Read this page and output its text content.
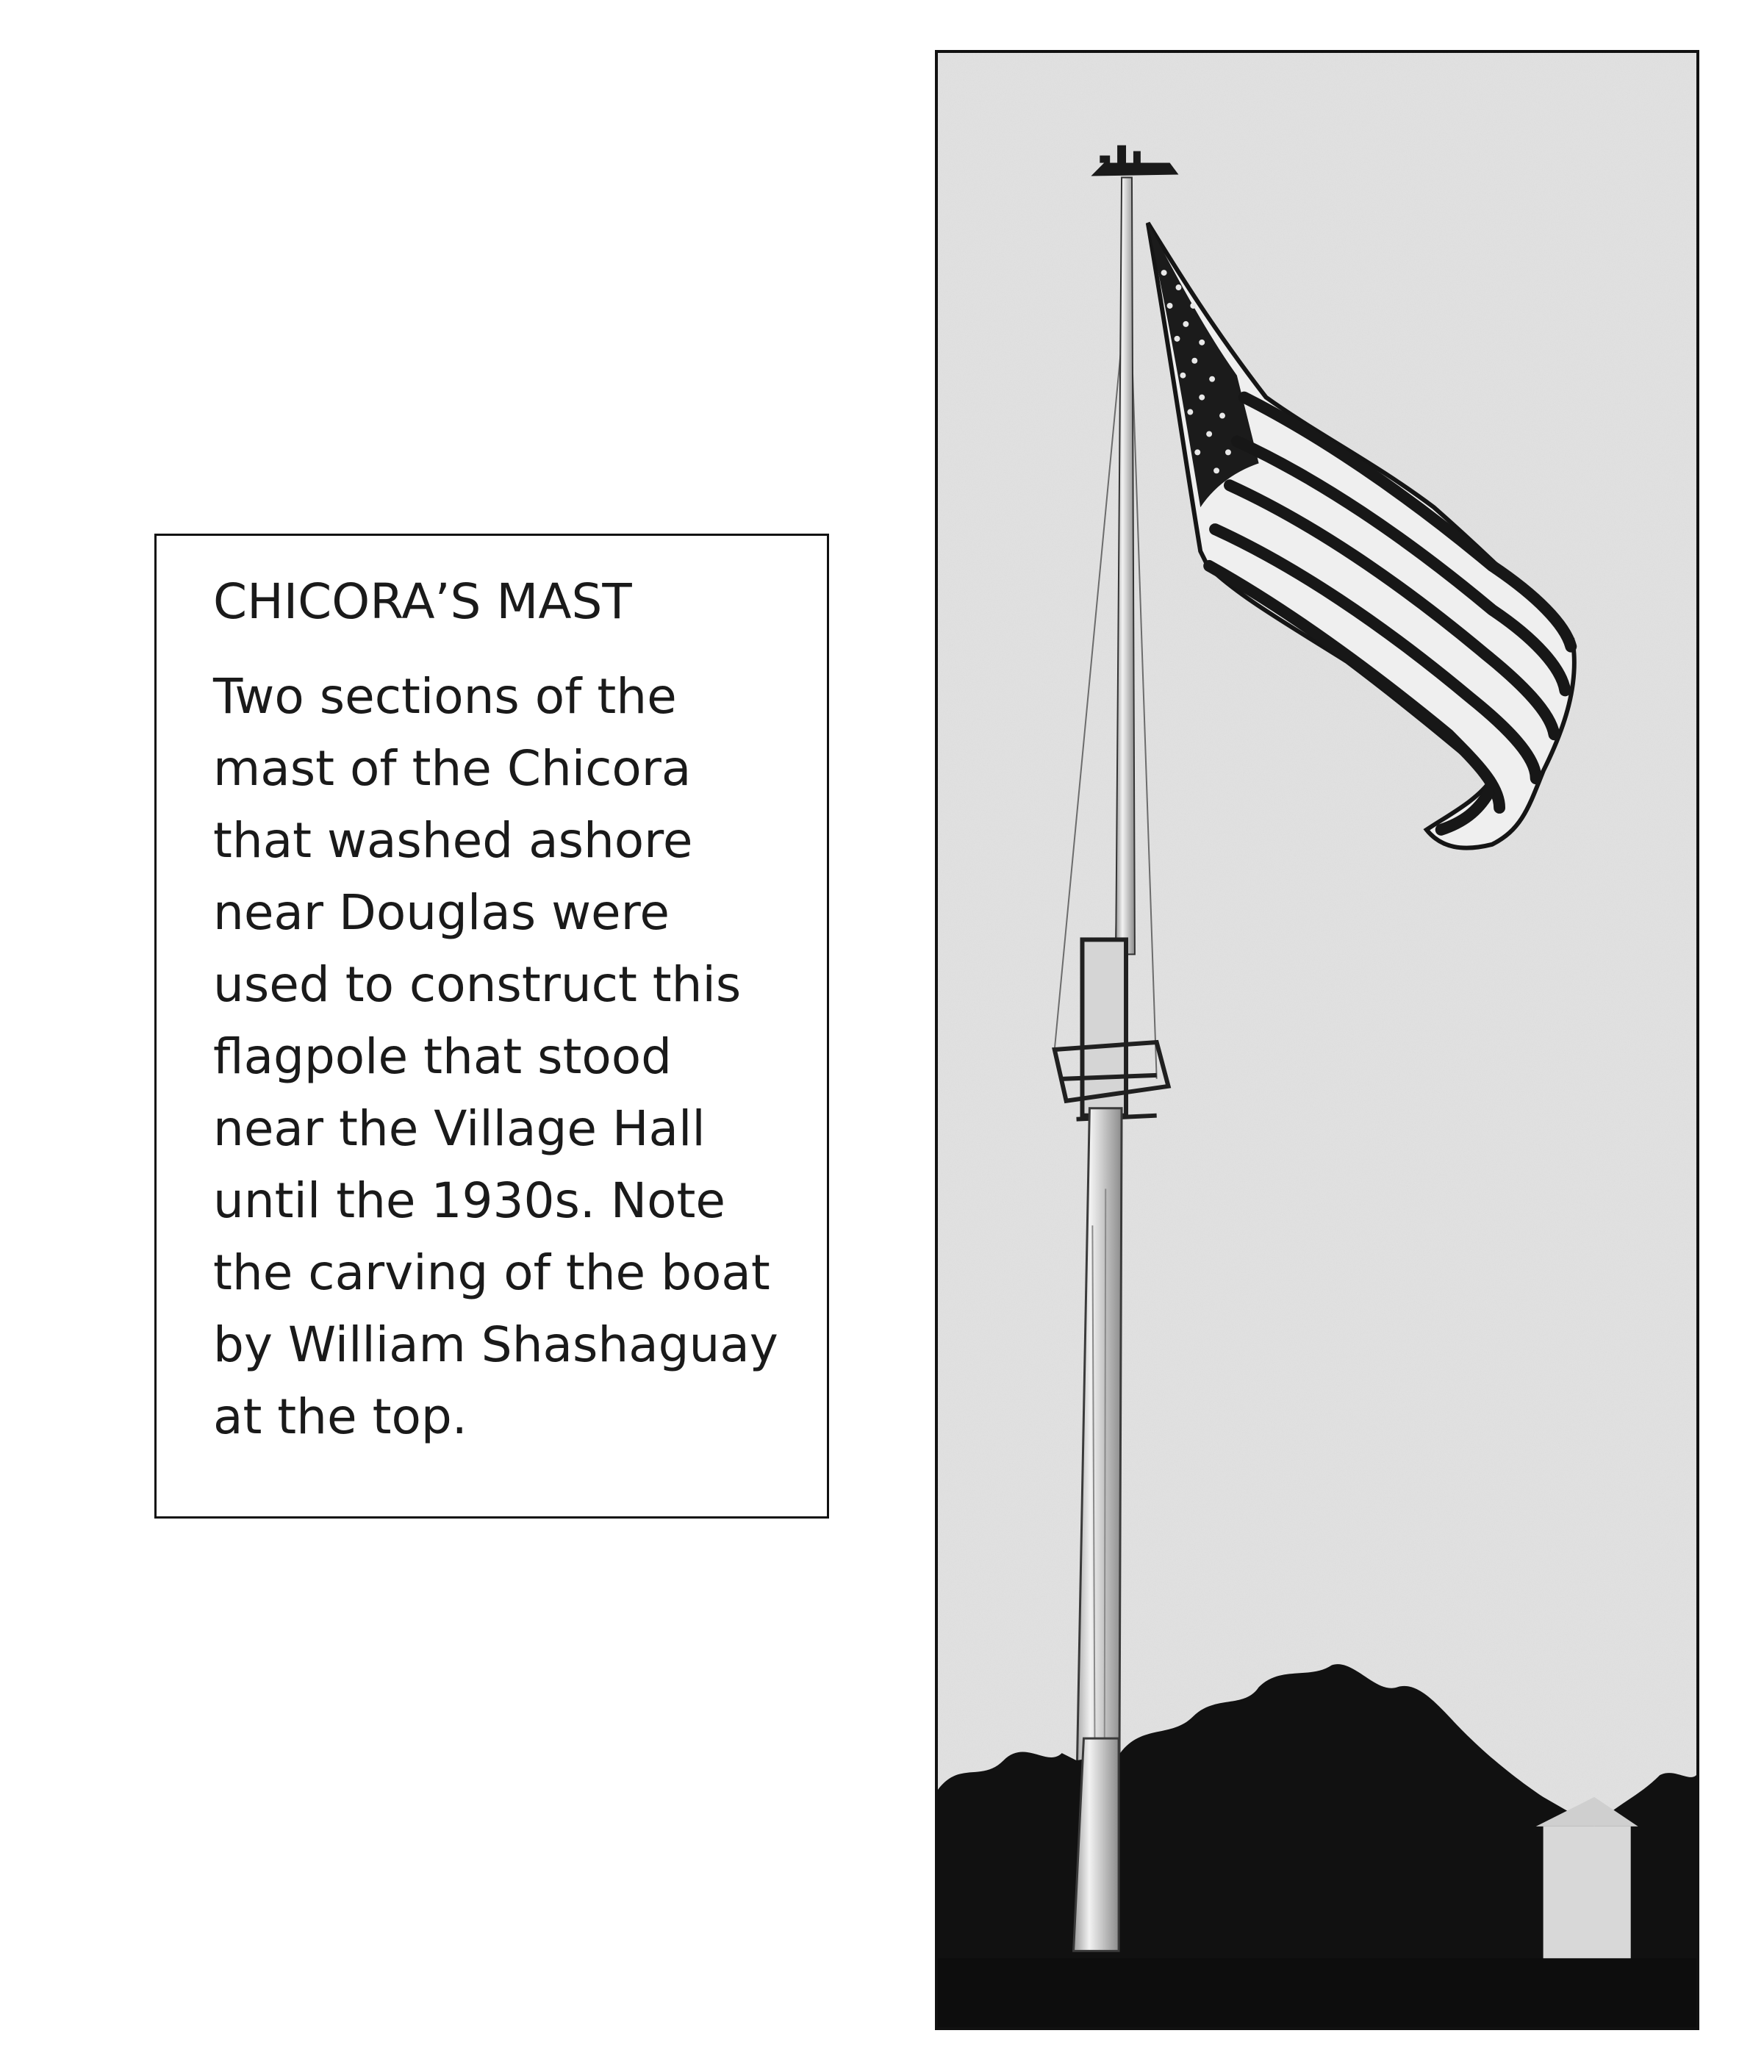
CHICORA’S MAST

Two sections of the
mast of the Chicora
that washed ashore
near Douglas were
used to construct this
flagpole that stood
near the Village Hall
until the 1930s. Note
the carving of the boat
by William Shashaguay
at the top.
